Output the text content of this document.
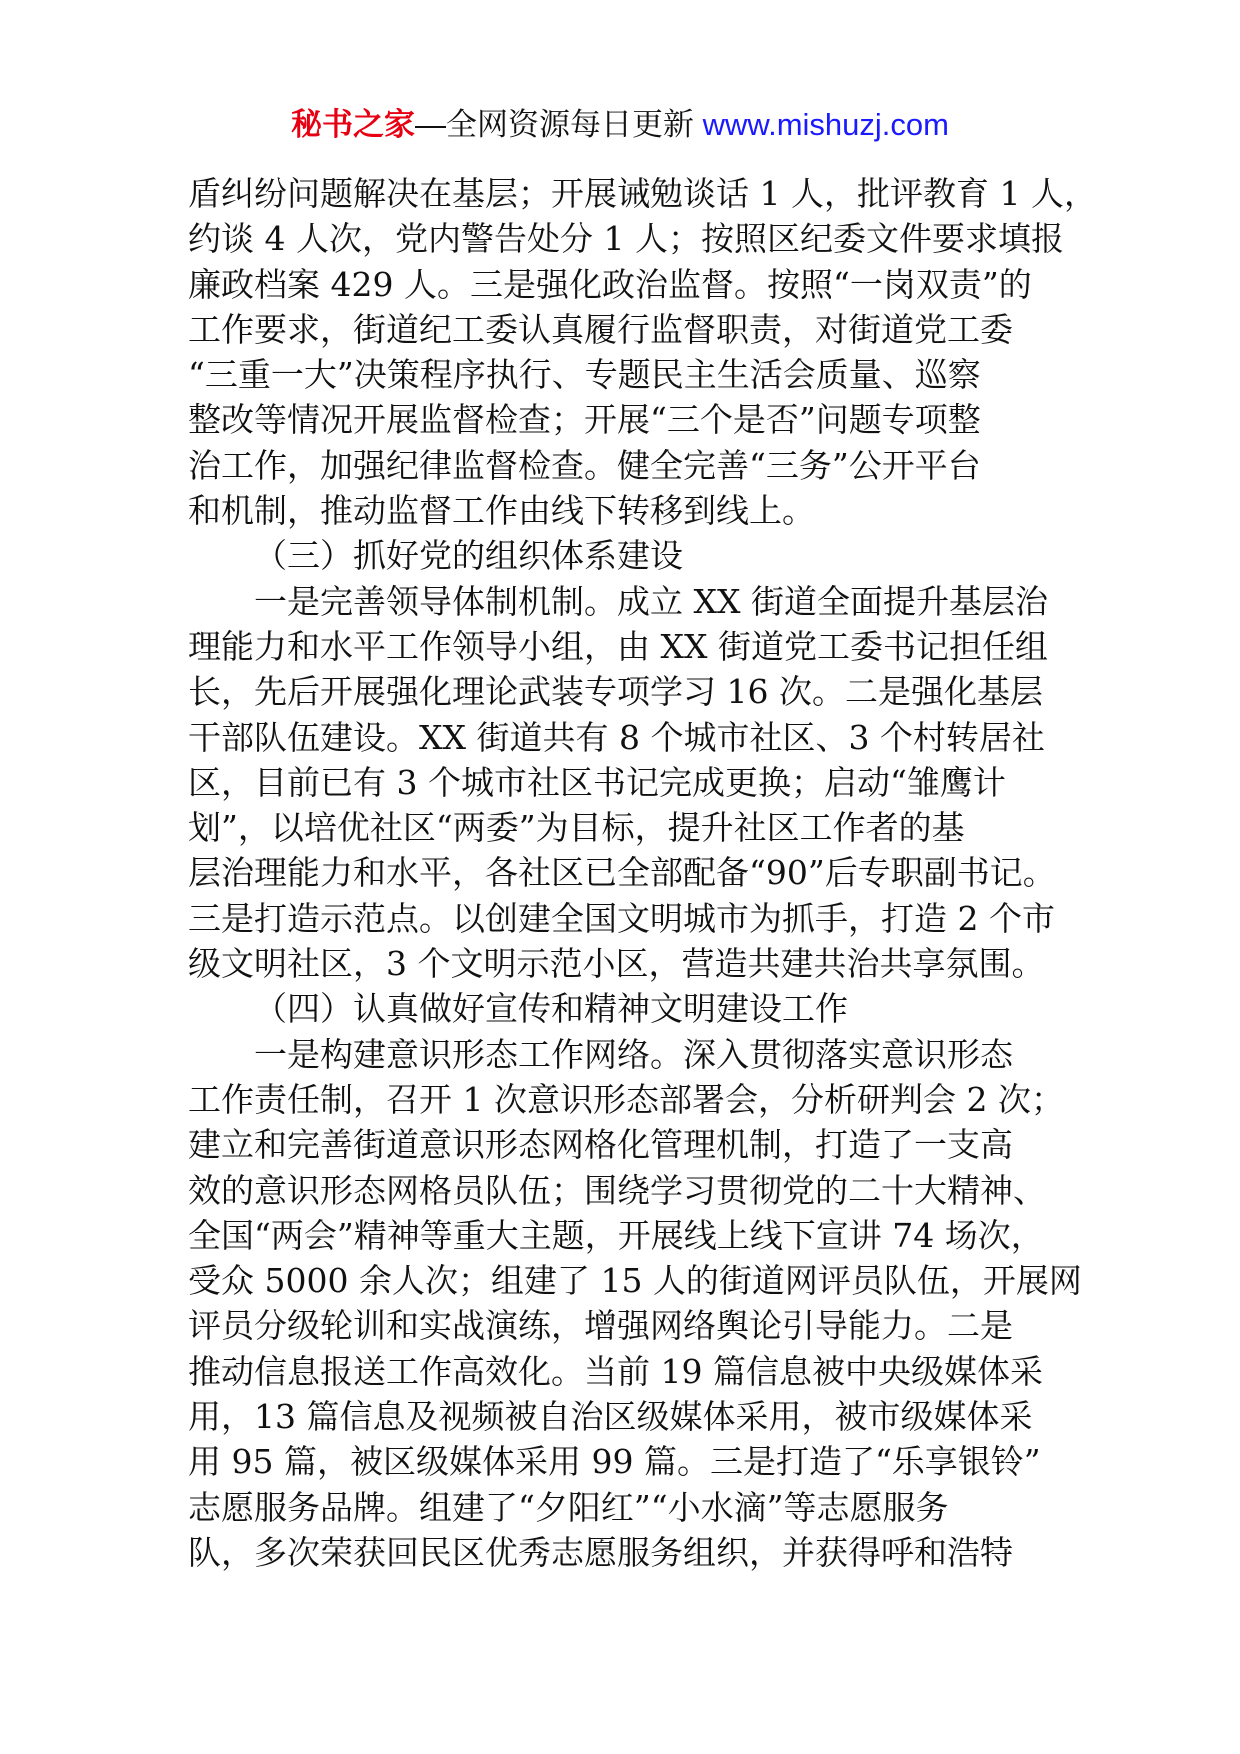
秘书之家—全网资源每日更新 www.mishuzj.com
盾纠纷问题解决在基层；开展诫勉谈话 1 人，批评教育 1 人，
约谈 4 人次，党内警告处分 1 人；按照区纪委文件要求填报
廉政档案 429 人。三是强化政治监督。按照“一岗双责”的
工作要求，街道纪工委认真履行监督职责，对街道党工委
“三重一大”决策程序执行、专题民主生活会质量、巡察
整改等情况开展监督检查；开展“三个是否”问题专项整
治工作，加强纪律监督检查。健全完善“三务”公开平台
和机制，推动监督工作由线下转移到线上。
（三）抓好党的组织体系建设
一是完善领导体制机制。成立 XX 街道全面提升基层治
理能力和水平工作领导小组，由 XX 街道党工委书记担任组
长，先后开展强化理论武装专项学习 16 次。二是强化基层
干部队伍建设。XX 街道共有 8 个城市社区、3 个村转居社
区，目前已有 3 个城市社区书记完成更换；启动“雏鹰计
划”，以培优社区“两委”为目标，提升社区工作者的基
层治理能力和水平，各社区已全部配备“90”后专职副书记。
三是打造示范点。以创建全国文明城市为抓手，打造 2 个市
级文明社区，3 个文明示范小区，营造共建共治共享氛围。
（四）认真做好宣传和精神文明建设工作
一是构建意识形态工作网络。深入贯彻落实意识形态
工作责任制，召开 1 次意识形态部署会，分析研判会 2 次；
建立和完善街道意识形态网格化管理机制，打造了一支高
效的意识形态网格员队伍；围绕学习贯彻党的二十大精神、
全国“两会”精神等重大主题，开展线上线下宣讲 74 场次，
受众 5000 余人次；组建了 15 人的街道网评员队伍，开展网
评员分级轮训和实战演练，增强网络舆论引导能力。二是
推动信息报送工作高效化。当前 19 篇信息被中央级媒体采
用，13 篇信息及视频被自治区级媒体采用，被市级媒体采
用 95 篇，被区级媒体采用 99 篇。三是打造了“乐享银铃”
志愿服务品牌。组建了“夕阳红”“小水滴”等志愿服务
队，多次荣获回民区优秀志愿服务组织，并获得呼和浩特
